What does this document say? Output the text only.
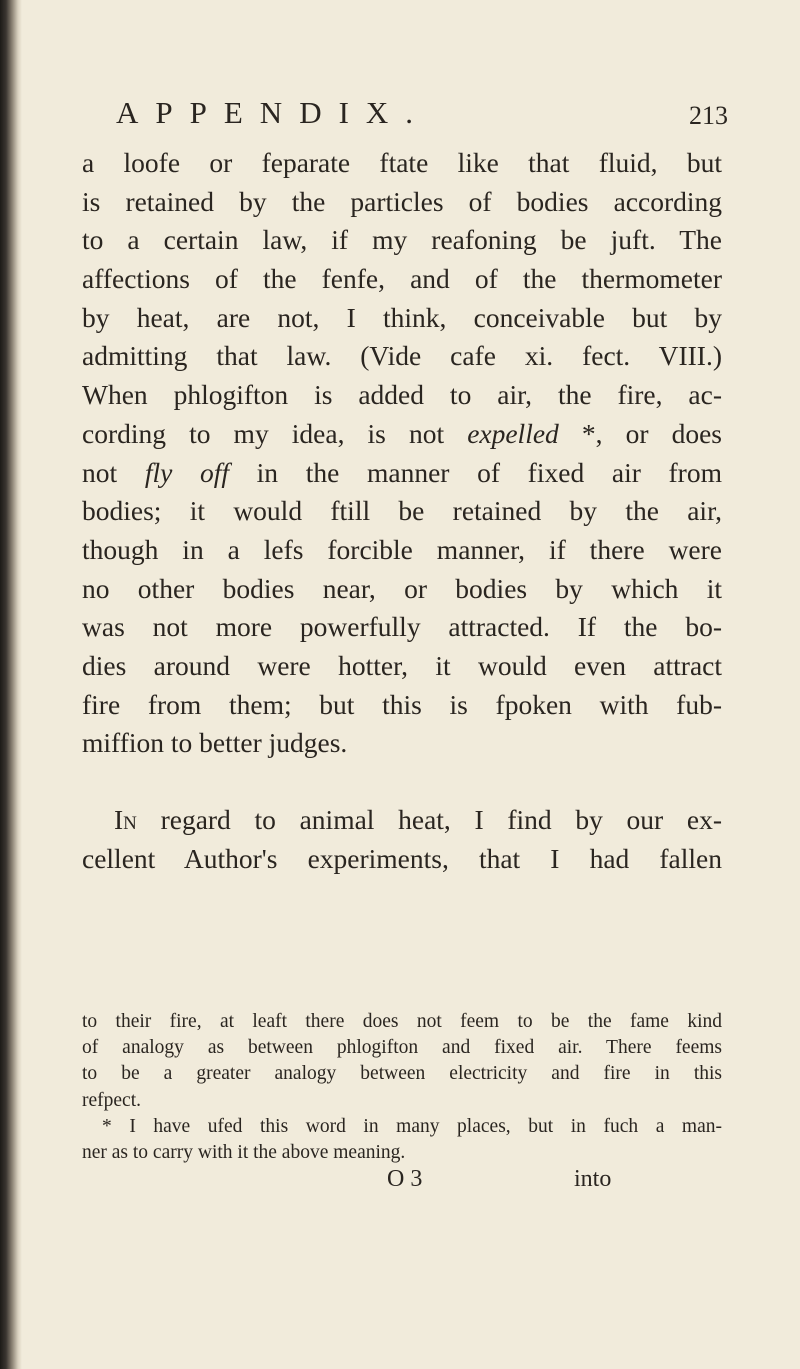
APPENDIX.	213
a loofe or feparate ftate like that fluid, but
is retained by the particles of bodies according
to a certain law, if my reafoning be juft. The
affections of the fenfe, and of the thermometer
by heat, are not, I think, conceivable but by
admitting that law. (Vide cafe xi. fect. VIII.)
When phlogifton is added to air, the fire, ac-
cording to my idea, is not expelled *, or does
not fly off in the manner of fixed air from
bodies; it would ftill be retained by the air,
though in a lefs forcible manner, if there were
no other bodies near, or bodies by which it
was not more powerfully attracted. If the bo-
dies around were hotter, it would even attract
fire from them; but this is fpoken with fub-
miffion to better judges.
In regard to animal heat, I find by our ex-
cellent Author's experiments, that I had fallen
to their fire, at leaft there does not feem to be the fame kind
of analogy as between phlogifton and fixed air. There feems
to be a greater analogy between electricity and fire in this
refpect.
* I have ufed this word in many places, but in fuch a man-
ner as to carry with it the above meaning.
O 3	into
